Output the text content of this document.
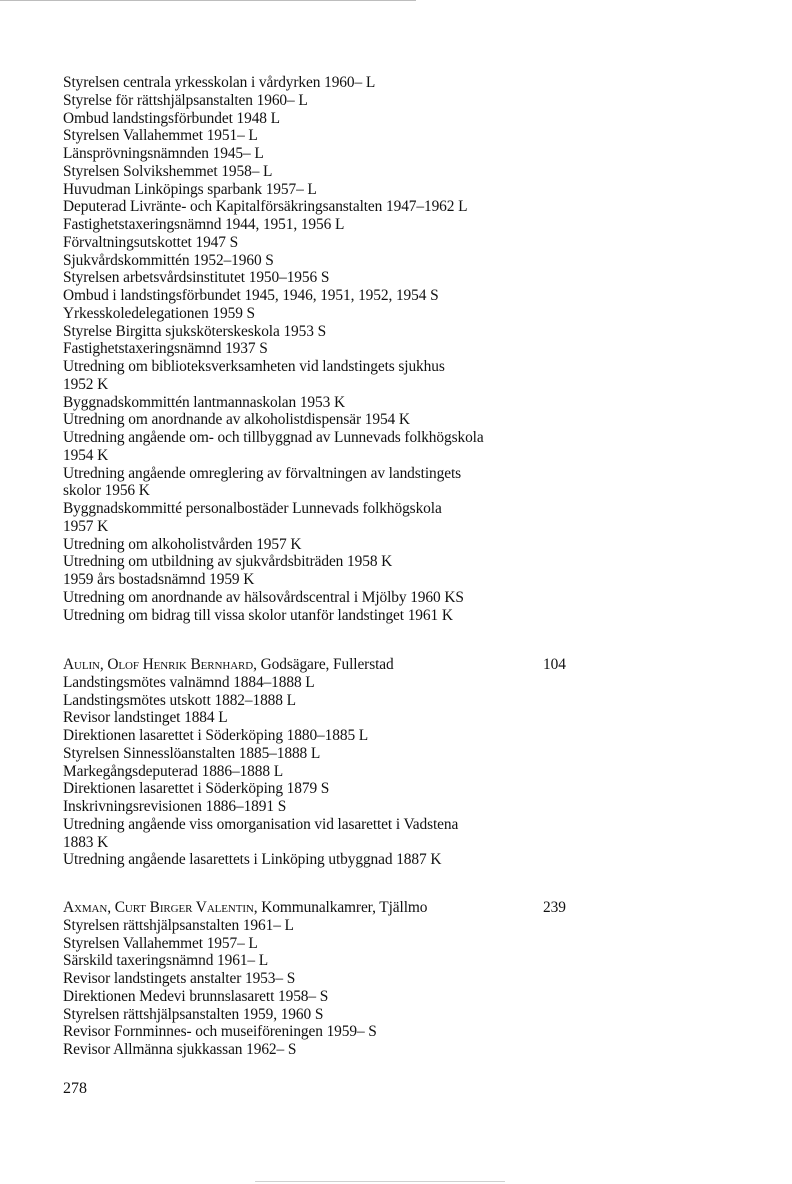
Styrelsen centrala yrkesskolan i vårdyrken 1960– L
Styrelse för rättshjälpsanstalten 1960– L
Ombud landstingsförbundet 1948 L
Styrelsen Vallahemmet 1951– L
Länsprövningsnämnden 1945– L
Styrelsen Solvikshemmet 1958– L
Huvudman Linköpings sparbank 1957– L
Deputerad Livränte- och Kapitalförsäkringsanstalten 1947–1962 L
Fastighetstaxeringsnämnd 1944, 1951, 1956 L
Förvaltningsutskottet 1947 S
Sjukvårdskommittén 1952–1960 S
Styrelsen arbetsvårdsinstitutet 1950–1956 S
Ombud i landstingsförbundet 1945, 1946, 1951, 1952, 1954 S
Yrkesskoledelegationen 1959 S
Styrelse Birgitta sjuksköterskeskola 1953 S
Fastighetstaxeringsnämnd 1937 S
Utredning om biblioteksverksamheten vid landstingets sjukhus
1952 K
Byggnadskommittén lantmannaskolan 1953 K
Utredning om anordnande av alkoholistdispensär 1954 K
Utredning angående om- och tillbyggnad av Lunnevads folkhögskola
1954 K
Utredning angående omreglering av förvaltningen av landstingets
skolor 1956 K
Byggnadskommitté personalbostäder Lunnevads folkhögskola
1957 K
Utredning om alkoholistvården 1957 K
Utredning om utbildning av sjukvårdsbiträden 1958 K
1959 års bostadsnämnd 1959 K
Utredning om anordnande av hälsovårdscentral i Mjölby 1960 KS
Utredning om bidrag till vissa skolor utanför landstinget 1961 K
Aulin, Olof Henrik Bernhard, Godsägare, Fullerstad	104
Landstingsmötes valnämnd 1884–1888 L
Landstingsmötes utskott 1882–1888 L
Revisor landstinget 1884 L
Direktionen lasarettet i Söderköping 1880–1885 L
Styrelsen Sinnesslöanstalten 1885–1888 L
Markegångsdeputerad 1886–1888 L
Direktionen lasarettet i Söderköping 1879 S
Inskrivningsrevisionen 1886–1891 S
Utredning angående viss omorganisation vid lasarettet i Vadstena
1883 K
Utredning angående lasarettets i Linköping utbyggnad 1887 K
Axman, Curt Birger Valentin, Kommunalkamrer, Tjällmo	239
Styrelsen rättshjälpsanstalten 1961– L
Styrelsen Vallahemmet 1957– L
Särskild taxeringsnämnd 1961– L
Revisor landstingets anstalter 1953– S
Direktionen Medevi brunnslasarett 1958– S
Styrelsen rättshjälpsanstalten 1959, 1960 S
Revisor Fornminnes- och museiföreningen 1959– S
Revisor Allmänna sjukkassan 1962– S
278
